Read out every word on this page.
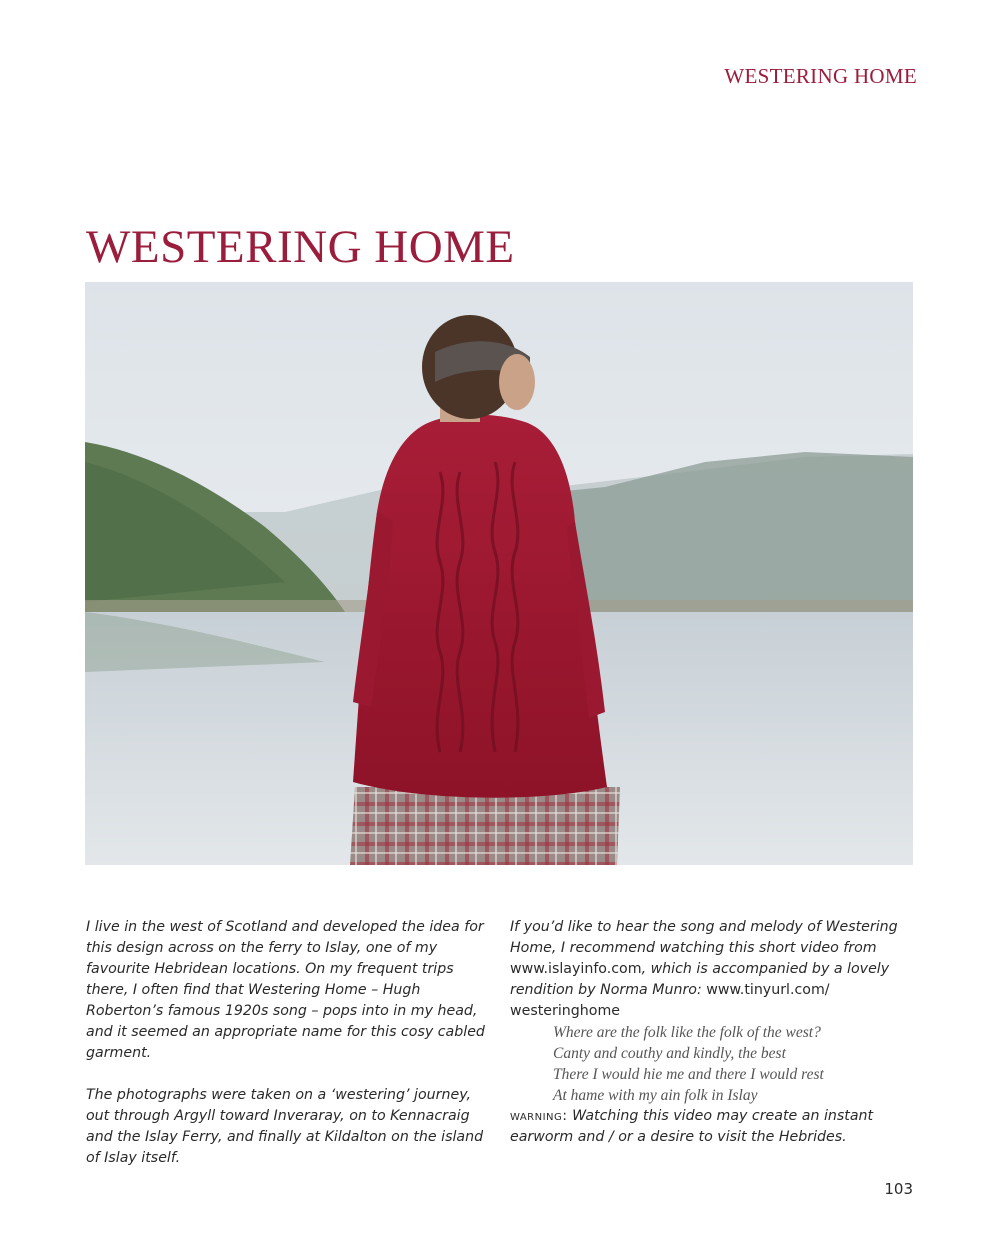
WESTERING HOME
WESTERING HOME

I live in the west of Scotland and developed the idea for this design across on the ferry to Islay, one of my favourite Hebridean locations. On my frequent trips there, I often find that Westering Home – Hugh Roberton’s famous 1920s song – pops into in my head, and it seemed an appropriate name for this cosy cabled garment.

The photographs were taken on a ‘westering’ journey, out through Argyll toward Inveraray, on to Kennacraig and the Islay Ferry, and finally at Kildalton on the island of Islay itself.

If you’d like to hear the song and melody of Westering Home, I recommend watching this short video from www.islayinfo.com, which is accompanied by a lovely rendition by Norma Munro: www.tinyurl.com/ westeringhome

Where are the folk like the folk of the west?
Canty and couthy and kindly, the best
There I would hie me and there I would rest
At hame with my ain folk in Islay

warning: Watching this video may create an instant earworm and / or a desire to visit the Hebrides.

103
